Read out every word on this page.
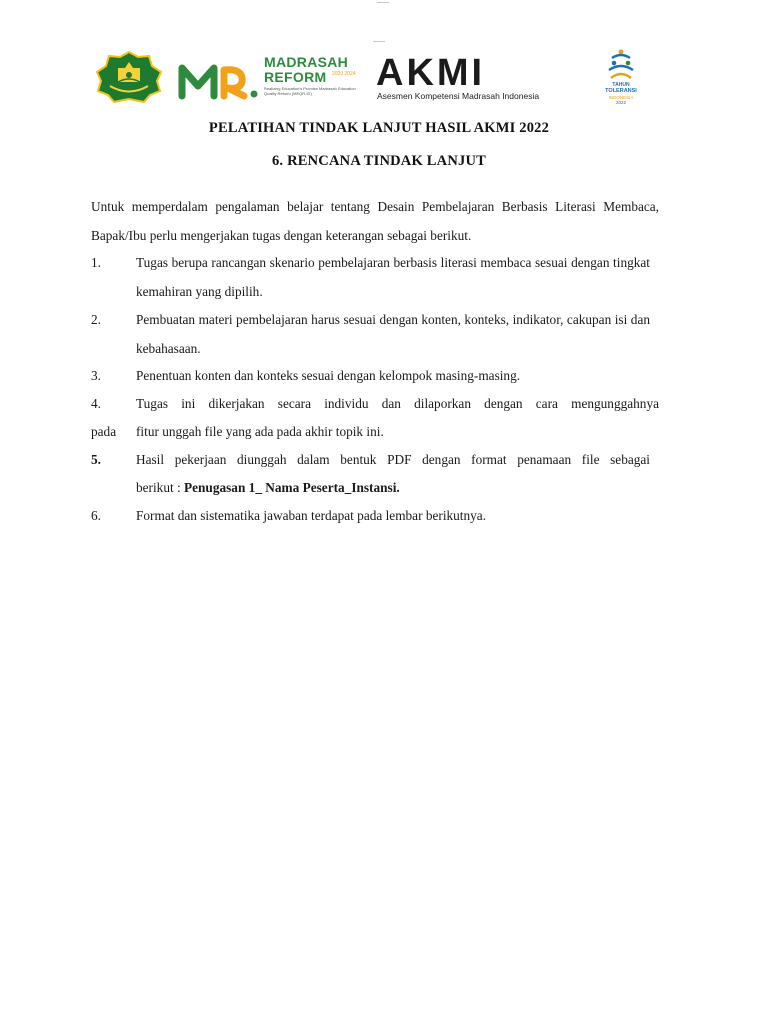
MADRASAH
REFORM 2020 2024
Realizing Education's Promise Madrasah Education Quality Reform (MEQR-ID)	AKMI
Asesmen Kompetensi Madrasah Indonesia
TAHUN
TOLERANSI
INDONESIA
2022
PELATIHAN TINDAK LANJUT HASIL AKMI 2022
6. RENCANA TINDAK LANJUT
Untuk memperdalam pengalaman belajar tentang Desain Pembelajaran Berbasis Literasi Membaca, Bapak/Ibu perlu mengerjakan tugas dengan keterangan sebagai berikut.
1.	Tugas berupa rancangan skenario pembelajaran berbasis literasi membaca sesuai dengan tingkat kemahiran yang dipilih.
2.	Pembuatan materi pembelajaran harus sesuai dengan konten, konteks, indikator, cakupan isi dan kebahasaan.
3.	Penentuan konten dan konteks sesuai dengan kelompok masing-masing.
4.	Tugas ini dikerjakan secara individu dan dilaporkan dengan cara mengunggahnya
pada fitur unggah file yang ada pada akhir topik ini.
5.	Hasil pekerjaan diunggah dalam bentuk PDF dengan format penamaan file sebagai
berikut : Penugasan 1_ Nama Peserta_Instansi.
6.	Format dan sistematika jawaban terdapat pada lembar berikutnya.
